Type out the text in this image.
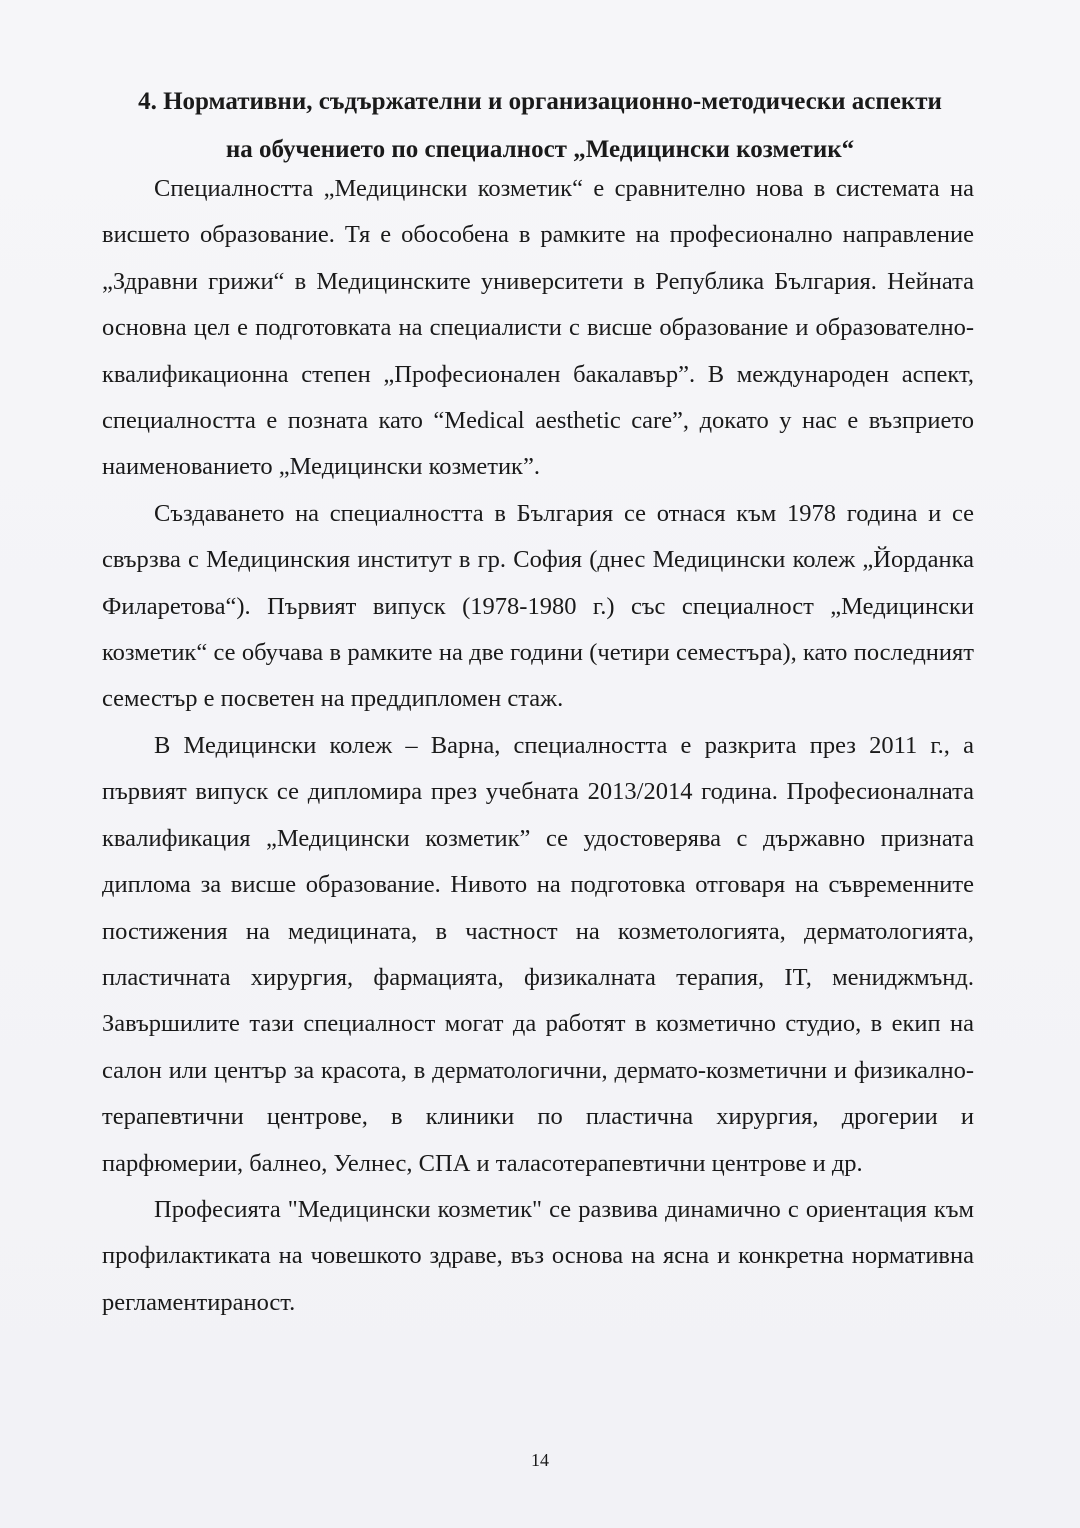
4. Нормативни, съдържателни и организационно-методически аспекти
на обучението по специалност „Медицински козметик“

Специалността „Медицински козметик“ е сравнително нова в системата на висшето образование. Тя е обособена в рамките на професионално направление „Здравни грижи“ в Медицинските университети в Република България. Нейната основна цел е подготовката на специалисти с висше образование и образователно-квалификационна степен „Професионален бакалавър”. В международен аспект, специалността е позната като “Medical aesthetic care”, докато у нас е възприето наименованието „Медицински козметик”.

Създаването на специалността в България се отнася към 1978 година и се свързва с Медицинския институт в гр. София (днес Медицински колеж „Йорданка Филаретова“). Първият випуск (1978-1980 г.) със специалност „Медицински козметик“ се обучава в рамките на две години (четири семестъра), като последният семестър е посветен на преддипломен стаж.

В Медицински колеж – Варна, специалността е разкрита през 2011 г., а първият випуск се дипломира през учебната 2013/2014 година. Професионалната квалификация „Медицински козметик” се удостоверява с държавно призната диплома за висше образование. Нивото на подготовка отговаря на съвременните постижения на медицината, в частност на козметологията, дерматологията, пластичната хирургия, фармацията, физикалната терапия, IT, мениджмънд. Завършилите тази специалност могат да работят в козметично студио, в екип на салон или център за красота, в дерматологични, дермато-козметични и физикално-терапевтични центрове, в клиники по пластична хирургия, дрогерии и парфюмерии, балнео, Уелнес, СПА и таласотерапевтични центрове и др.

Професията "Медицински козметик" се развива динамично с ориентация към профилактиката на човешкото здраве, въз основа на ясна и конкретна нормативна регламентираност.

14
